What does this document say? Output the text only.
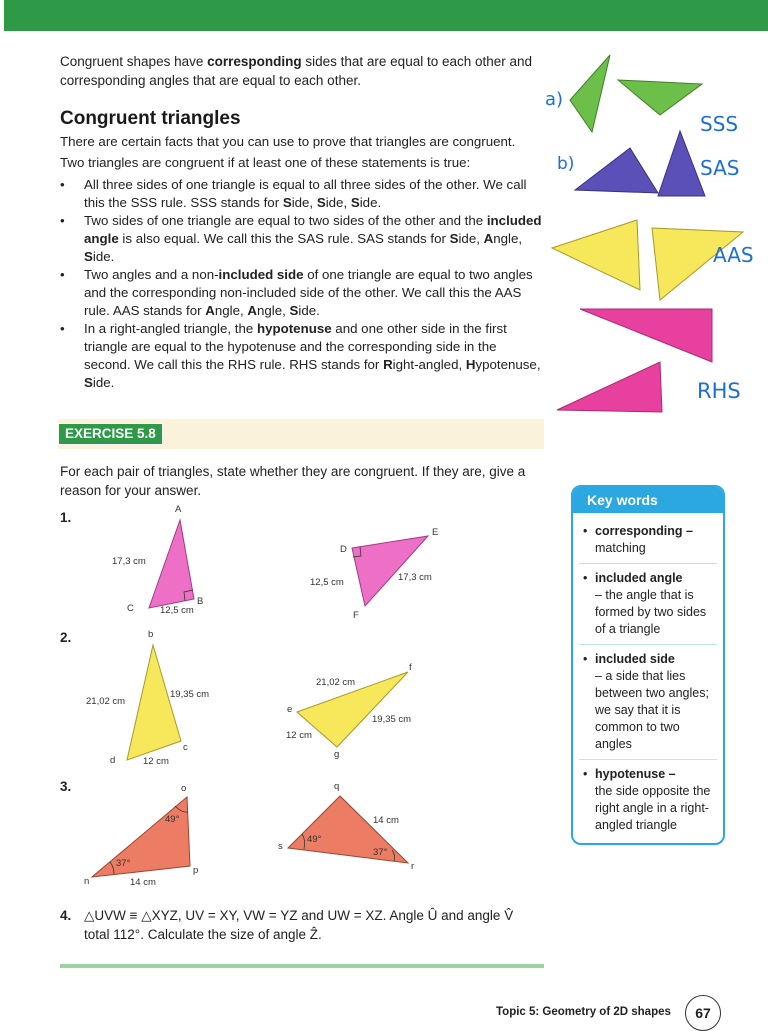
Congruent shapes have corresponding sides that are equal to each other and corresponding angles that are equal to each other.
Congruent triangles
There are certain facts that you can use to prove that triangles are congruent.
Two triangles are congruent if at least one of these statements is true:
• All three sides of one triangle is equal to all three sides of the other. We call this the SSS rule. SSS stands for Side, Side, Side.
• Two sides of one triangle are equal to two sides of the other and the included angle is also equal. We call this the SAS rule. SAS stands for Side, Angle, Side.
• Two angles and a non-included side of one triangle are equal to two angles and the corresponding non-included side of the other. We call this the AAS rule. AAS stands for Angle, Angle, Side.
• In a right-angled triangle, the hypotenuse and one other side in the first triangle are equal to the hypotenuse and the corresponding side in the second. We call this the RHS rule. RHS stands for Right-angled, Hypotenuse, Side.
EXERCISE 5.8
For each pair of triangles, state whether they are congruent. If they are, give a reason for your answer.
1.
2.
3.
A
B
C
17,3 cm
12,5 cm
D
E
F
12,5 cm	17,3 cm
b
c
d
21,02 cm
19,35 cm
12 cm
e
f
g
21,02 cm
19,35 cm
12 cm
o
p
n
49°
37°
14 cm
q
r
s
49°
37°
14 cm
a)
b)
SSS
SAS
AAS
RHS
4. △UVW ≡ △XYZ, UV = XY, VW = YZ and UW = XZ. Angle Û and angle V̂
total 112°. Calculate the size of angle Ẑ.
Key words
• corresponding –
matching
• included angle
– the angle that is formed by two sides of a triangle
• included side
– a side that lies between two angles; we say that it is common to two angles
• hypotenuse –
the side opposite the right angle in a right-angled triangle
Topic 5: Geometry of 2D shapes	67
